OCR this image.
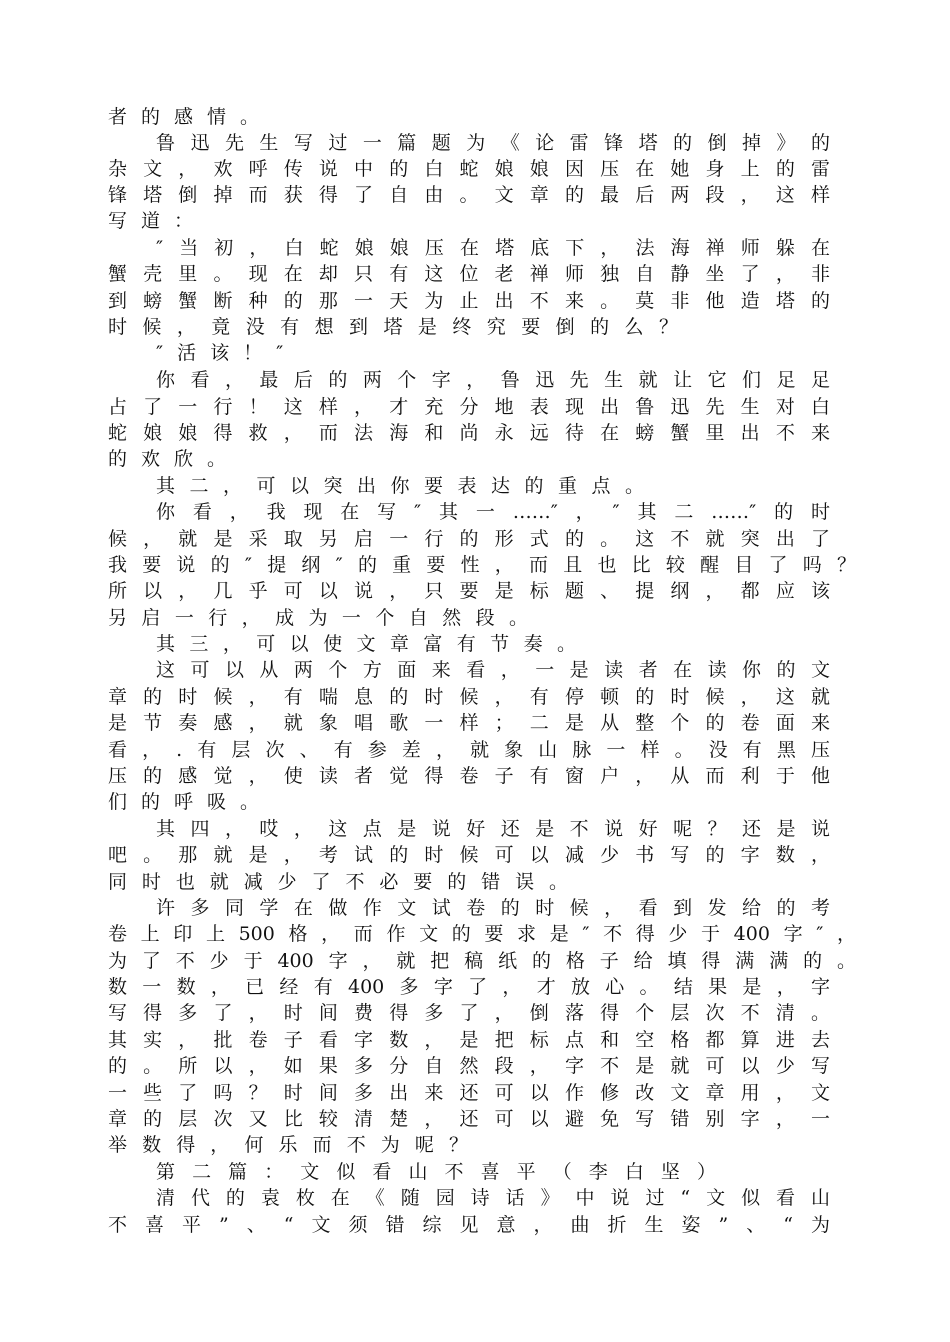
者的感情。
鲁迅先生写过一篇题为《论雷锋塔的倒掉》的
杂文，欢呼传说中的白蛇娘娘因压在她身上的雷
锋塔倒掉而获得了自由。文章的最后两段，这样
写道：
″当初，白蛇娘娘压在塔底下，法海禅师躲在
蟹壳里。现在却只有这位老禅师独自静坐了，非
到螃蟹断种的那一天为止出不来。莫非他造塔的
时候，竟没有想到塔是终究要倒的么？
″活该！″
你看，最后的两个字，鲁迅先生就让它们足足
占了一行！这样，才充分地表现出鲁迅先生对白
蛇娘娘得救，而法海和尚永远待在螃蟹里出不来
的欢欣。
其二，可以突出你要表达的重点。
你看，我现在写″其一……″，″其二……″的时
候，就是采取另启一行的形式的。这不就突出了
我要说的″提纲″的重要性，而且也比较醒目了吗？
所以，几乎可以说，只要是标题、提纲，都应该
另启一行，成为一个自然段。
其三，可以使文章富有节奏。
这可以从两个方面来看，一是读者在读你的文
章的时候，有喘息的时候，有停顿的时候，这就
是节奏感，就象唱歌一样；二是从整个的卷面来
看，.有层次、有参差，就象山脉一样。没有黑压
压的感觉，使读者觉得卷子有窗户，从而利于他
们的呼吸。
其四，哎，这点是说好还是不说好呢？还是说
吧。那就是，考试的时候可以减少书写的字数，
同时也就减少了不必要的错误。
许多同学在做作文试卷的时候，看到发给的考
卷上印上500格，而作文的要求是″不得少于400字″，
为了不少于400字，就把稿纸的格子给填得满满的。
数一数，已经有400多字了，才放心。结果是，字
写得多了，时间费得多了，倒落得个层次不清。
其实，批卷子看字数，是把标点和空格都算进去
的。所以，如果多分自然段，字不是就可以少写
一些了吗？时间多出来还可以作修改文章用，文
章的层次又比较清楚，还可以避免写错别字，一
举数得，何乐而不为呢？
第二篇：文似看山不喜平（李白坚）
清代的袁枚在《随园诗话》中说过“文似看山
不喜平”、“文须错综见意，曲折生姿”、“为
